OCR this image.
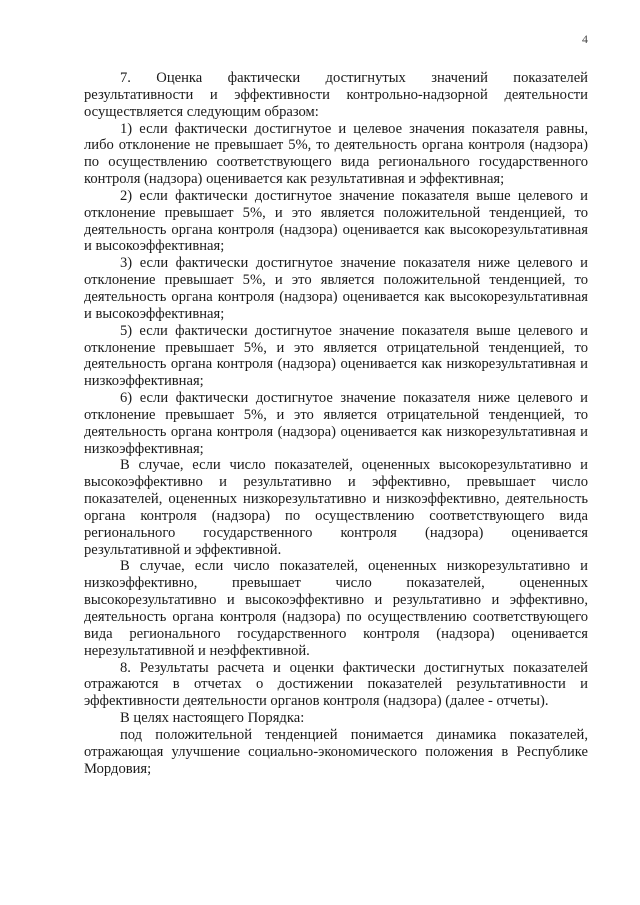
4

7. Оценка фактически достигнутых значений показателей результативности и эффективности контрольно-надзорной деятельности осуществляется следующим образом:

1) если фактически достигнутое и целевое значения показателя равны, либо отклонение не превышает 5%, то деятельность органа контроля (надзора) по осуществлению соответствующего вида регионального государственного контроля (надзора) оценивается как результативная и эффективная;

2) если фактически достигнутое значение показателя выше целевого и отклонение превышает 5%, и это является положительной тенденцией, то деятельность органа контроля (надзора) оценивается как высокорезультативная и высокоэффективная;

3) если фактически достигнутое значение показателя ниже целевого и отклонение превышает 5%, и это является положительной тенденцией, то деятельность органа контроля (надзора) оценивается как высокорезультативная и высокоэффективная;

5) если фактически достигнутое значение показателя выше целевого и отклонение превышает 5%, и это является отрицательной тенденцией, то деятельность органа контроля (надзора) оценивается как низкорезультативная и низкоэффективная;

6) если фактически достигнутое значение показателя ниже целевого и отклонение превышает 5%, и это является отрицательной тенденцией, то деятельность органа контроля (надзора) оценивается как низкорезультативная и низкоэффективная;

В случае, если число показателей, оцененных высокорезультативно и высокоэффективно и результативно и эффективно, превышает число показателей, оцененных низкорезультативно и низкоэффективно, деятельность органа контроля (надзора) по осуществлению соответствующего вида регионального государственного контроля (надзора) оценивается результативной и эффективной.

В случае, если число показателей, оцененных низкорезультативно и низкоэффективно, превышает число показателей, оцененных высокорезультативно и высокоэффективно и результативно и эффективно, деятельность органа контроля (надзора) по осуществлению соответствующего вида регионального государственного контроля (надзора) оценивается нерезультативной и неэффективной.

8. Результаты расчета и оценки фактически достигнутых показателей отражаются в отчетах о достижении показателей результативности и эффективности деятельности органов контроля (надзора) (далее - отчеты).

В целях настоящего Порядка:

под положительной тенденцией понимается динамика показателей, отражающая улучшение социально-экономического положения в Республике Мордовия;
